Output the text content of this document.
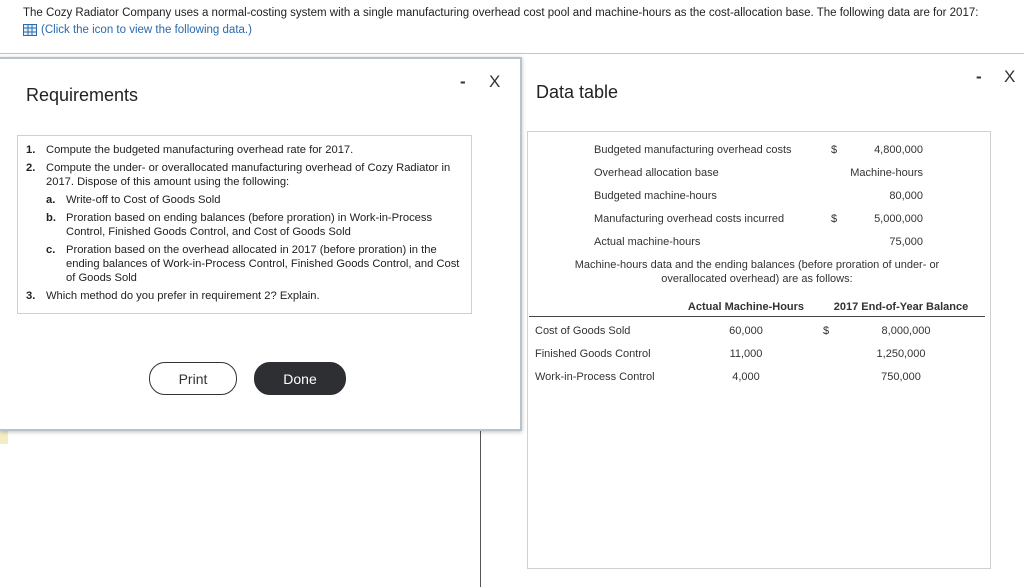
The Cozy Radiator Company uses a normal-costing system with a single manufacturing overhead cost pool and machine-hours as the cost-allocation base. The following data are for 2017:
(Click the icon to view the following data.)
Requirements
- X
1. Compute the budgeted manufacturing overhead rate for 2017.
2. Compute the under- or overallocated manufacturing overhead of Cozy Radiator in 2017. Dispose of this amount using the following:
a. Write-off to Cost of Goods Sold
b. Proration based on ending balances (before proration) in Work-in-Process Control, Finished Goods Control, and Cost of Goods Sold
c. Proration based on the overhead allocated in 2017 (before proration) in the ending balances of Work-in-Process Control, Finished Goods Control, and Cost of Goods Sold
3. Which method do you prefer in requirement 2? Explain.
Print	Done
Data table
- X
Budgeted manufacturing overhead costs	$	4,800,000
Overhead allocation base	Machine-hours
Budgeted machine-hours	80,000
Manufacturing overhead costs incurred	$	5,000,000
Actual machine-hours	75,000
Machine-hours data and the ending balances (before proration of under- or
overallocated overhead) are as follows:
Actual Machine-Hours	2017 End-of-Year Balance
Cost of Goods Sold	60,000	$	8,000,000
Finished Goods Control	11,000	1,250,000
Work-in-Process Control	4,000	750,000
